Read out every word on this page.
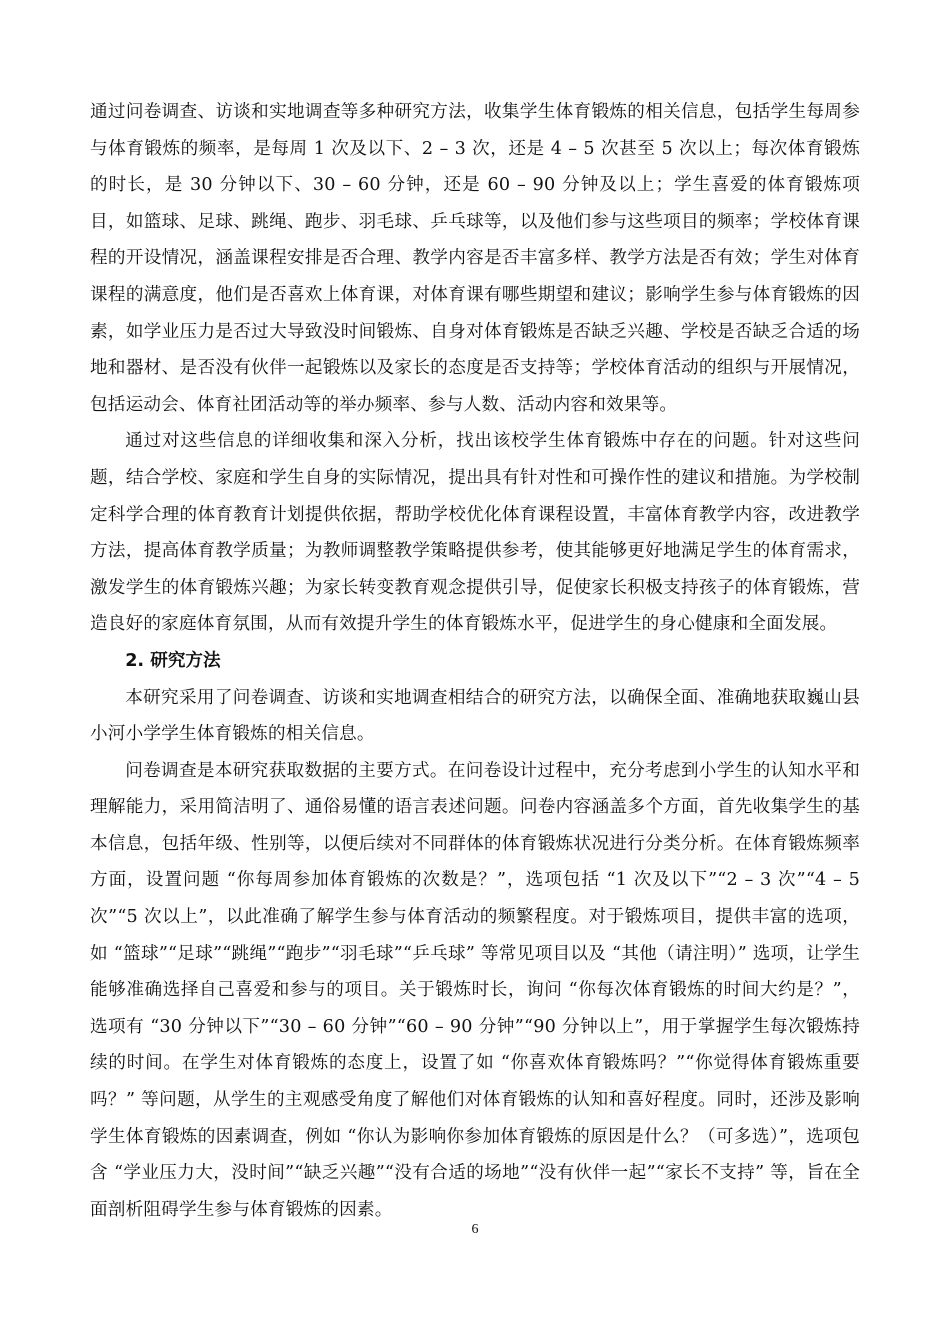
通过问卷调查、访谈和实地调查等多种研究方法，收集学生体育锻炼的相关信息，包括学生每周参与体育锻炼的频率，是每周 1 次及以下、2 – 3 次，还是 4 – 5 次甚至 5 次以上；每次体育锻炼的时长，是 30 分钟以下、30 – 60 分钟，还是 60 – 90 分钟及以上；学生喜爱的体育锻炼项目，如篮球、足球、跳绳、跑步、羽毛球、乒乓球等，以及他们参与这些项目的频率；学校体育课程的开设情况，涵盖课程安排是否合理、教学内容是否丰富多样、教学方法是否有效；学生对体育课程的满意度，他们是否喜欢上体育课，对体育课有哪些期望和建议；影响学生参与体育锻炼的因素，如学业压力是否过大导致没时间锻炼、自身对体育锻炼是否缺乏兴趣、学校是否缺乏合适的场地和器材、是否没有伙伴一起锻炼以及家长的态度是否支持等；学校体育活动的组织与开展情况，包括运动会、体育社团活动等的举办频率、参与人数、活动内容和效果等。

通过对这些信息的详细收集和深入分析，找出该校学生体育锻炼中存在的问题。针对这些问题，结合学校、家庭和学生自身的实际情况，提出具有针对性和可操作性的建议和措施。为学校制定科学合理的体育教育计划提供依据，帮助学校优化体育课程设置，丰富体育教学内容，改进教学方法，提高体育教学质量；为教师调整教学策略提供参考，使其能够更好地满足学生的体育需求，激发学生的体育锻炼兴趣；为家长转变教育观念提供引导，促使家长积极支持孩子的体育锻炼，营造良好的家庭体育氛围，从而有效提升学生的体育锻炼水平，促进学生的身心健康和全面发展。

2. 研究方法

本研究采用了问卷调查、访谈和实地调查相结合的研究方法，以确保全面、准确地获取巍山县小河小学学生体育锻炼的相关信息。

问卷调查是本研究获取数据的主要方式。在问卷设计过程中，充分考虑到小学生的认知水平和理解能力，采用简洁明了、通俗易懂的语言表述问题。问卷内容涵盖多个方面，首先收集学生的基本信息，包括年级、性别等，以便后续对不同群体的体育锻炼状况进行分类分析。在体育锻炼频率方面，设置问题 “你每周参加体育锻炼的次数是？”，选项包括 “1 次及以下”“2 – 3 次”“4 – 5 次”“5 次以上”，以此准确了解学生参与体育活动的频繁程度。对于锻炼项目，提供丰富的选项，如 “篮球”“足球”“跳绳”“跑步”“羽毛球”“乒乓球” 等常见项目以及 “其他（请注明）” 选项，让学生能够准确选择自己喜爱和参与的项目。关于锻炼时长，询问 “你每次体育锻炼的时间大约是？”，选项有 “30 分钟以下”“30 – 60 分钟”“60 – 90 分钟”“90 分钟以上”，用于掌握学生每次锻炼持续的时间。在学生对体育锻炼的态度上，设置了如 “你喜欢体育锻炼吗？”“你觉得体育锻炼重要吗？” 等问题，从学生的主观感受角度了解他们对体育锻炼的认知和喜好程度。同时，还涉及影响学生体育锻炼的因素调查，例如 “你认为影响你参加体育锻炼的原因是什么？（可多选）”，选项包含 “学业压力大，没时间”“缺乏兴趣”“没有合适的场地”“没有伙伴一起”“家长不支持” 等，旨在全面剖析阻碍学生参与体育锻炼的因素。

6
